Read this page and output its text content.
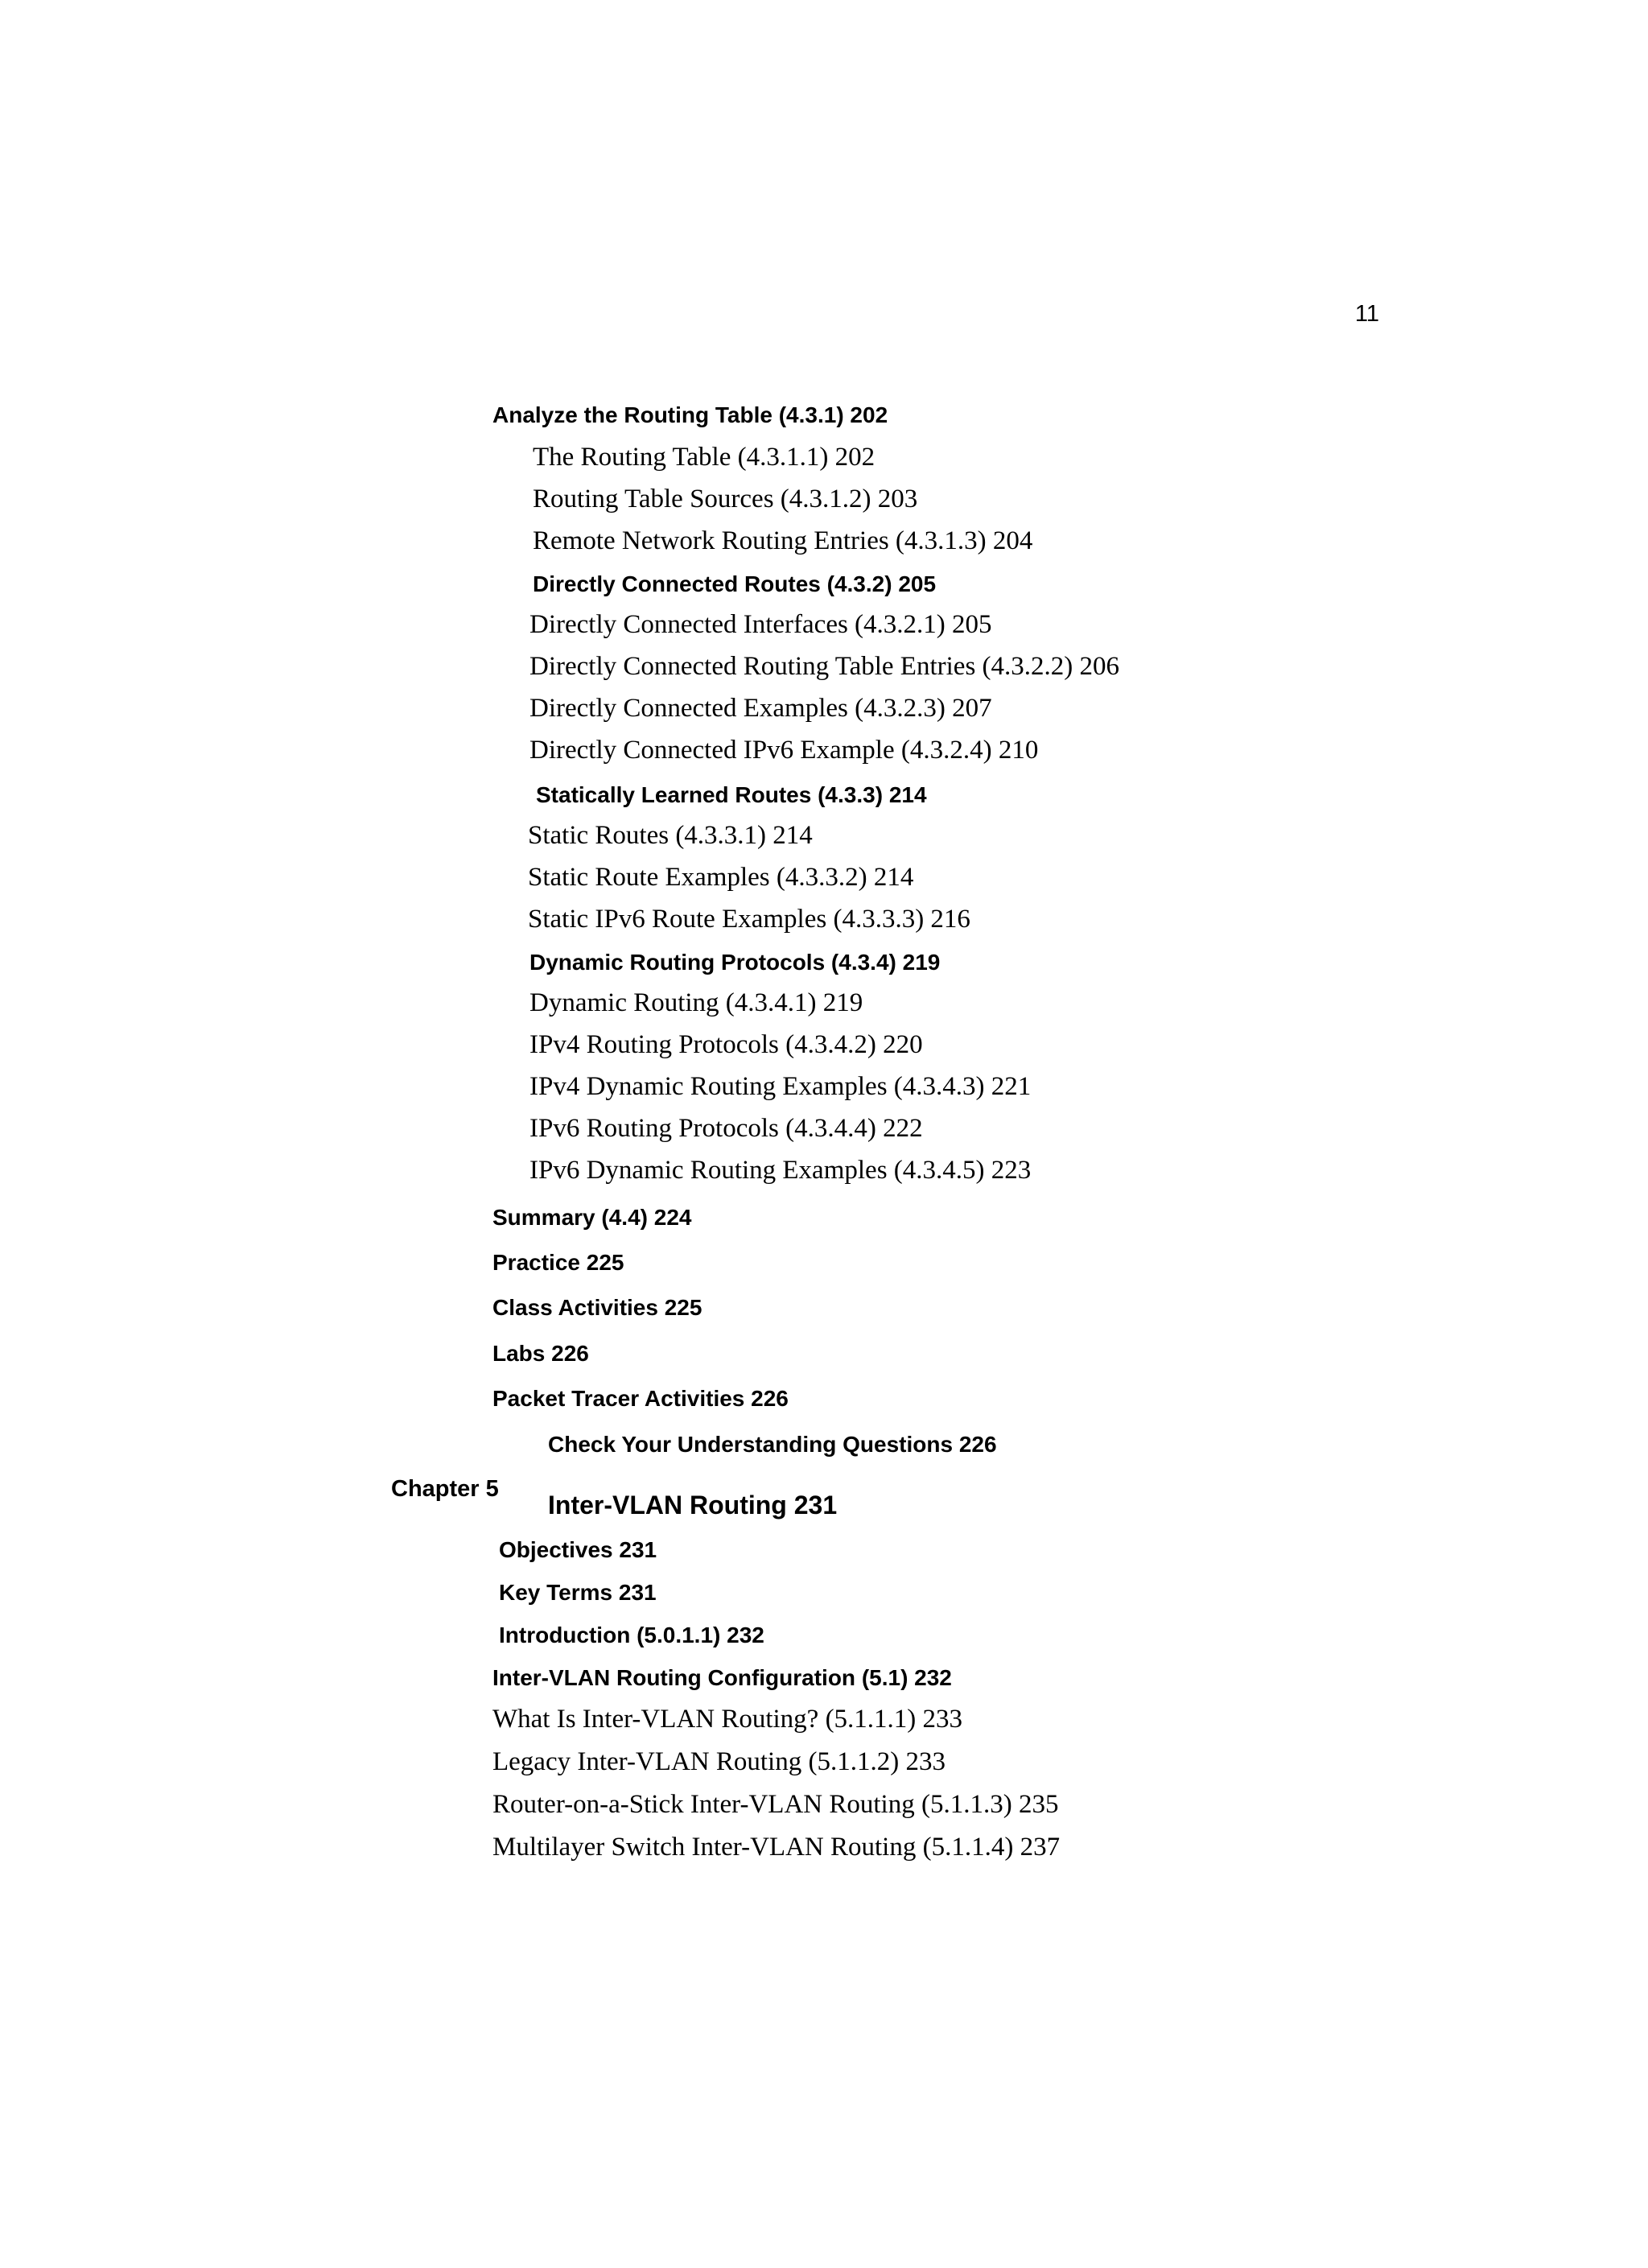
11
Analyze the Routing Table (4.3.1) 202
The Routing Table (4.3.1.1) 202
Routing Table Sources (4.3.1.2) 203
Remote Network Routing Entries (4.3.1.3) 204
Directly Connected Routes (4.3.2) 205
Directly Connected Interfaces (4.3.2.1) 205
Directly Connected Routing Table Entries (4.3.2.2) 206
Directly Connected Examples (4.3.2.3) 207
Directly Connected IPv6 Example (4.3.2.4) 210
Statically Learned Routes (4.3.3) 214
Static Routes (4.3.3.1) 214
Static Route Examples (4.3.3.2) 214
Static IPv6 Route Examples (4.3.3.3) 216
Dynamic Routing Protocols (4.3.4) 219
Dynamic Routing (4.3.4.1) 219
IPv4 Routing Protocols (4.3.4.2) 220
IPv4 Dynamic Routing Examples (4.3.4.3) 221
IPv6 Routing Protocols (4.3.4.4) 222
IPv6 Dynamic Routing Examples (4.3.4.5) 223
Summary (4.4) 224
Practice 225
Class Activities 225
Labs 226
Packet Tracer Activities 226
Check Your Understanding Questions 226
Chapter 5
Inter-VLAN Routing 231
Objectives 231
Key Terms 231
Introduction (5.0.1.1) 232
Inter-VLAN Routing Configuration (5.1) 232
What Is Inter-VLAN Routing? (5.1.1.1) 233
Legacy Inter-VLAN Routing (5.1.1.2) 233
Router-on-a-Stick Inter-VLAN Routing (5.1.1.3) 235
Multilayer Switch Inter-VLAN Routing (5.1.1.4) 237
